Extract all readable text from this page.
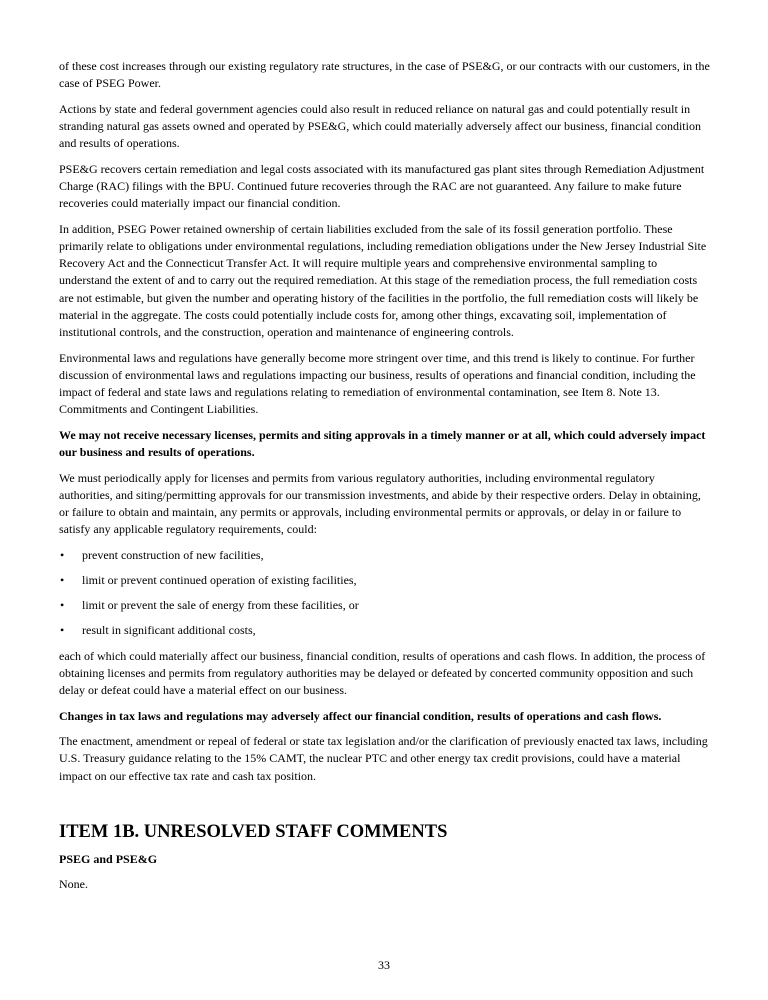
of these cost increases through our existing regulatory rate structures, in the case of PSE&G, or our contracts with our customers, in the case of PSEG Power.

Actions by state and federal government agencies could also result in reduced reliance on natural gas and could potentially result in stranding natural gas assets owned and operated by PSE&G, which could materially adversely affect our business, financial condition and results of operations.

PSE&G recovers certain remediation and legal costs associated with its manufactured gas plant sites through Remediation Adjustment Charge (RAC) filings with the BPU. Continued future recoveries through the RAC are not guaranteed. Any failure to make future recoveries could materially impact our financial condition.

In addition, PSEG Power retained ownership of certain liabilities excluded from the sale of its fossil generation portfolio. These primarily relate to obligations under environmental regulations, including remediation obligations under the New Jersey Industrial Site Recovery Act and the Connecticut Transfer Act. It will require multiple years and comprehensive environmental sampling to understand the extent of and to carry out the required remediation. At this stage of the remediation process, the full remediation costs are not estimable, but given the number and operating history of the facilities in the portfolio, the full remediation costs will likely be material in the aggregate. The costs could potentially include costs for, among other things, excavating soil, implementation of institutional controls, and the construction, operation and maintenance of engineering controls.

Environmental laws and regulations have generally become more stringent over time, and this trend is likely to continue. For further discussion of environmental laws and regulations impacting our business, results of operations and financial condition, including the impact of federal and state laws and regulations relating to remediation of environmental contamination, see Item 8. Note 13. Commitments and Contingent Liabilities.

We may not receive necessary licenses, permits and siting approvals in a timely manner or at all, which could adversely impact our business and results of operations.

We must periodically apply for licenses and permits from various regulatory authorities, including environmental regulatory authorities, and siting/permitting approvals for our transmission investments, and abide by their respective orders. Delay in obtaining, or failure to obtain and maintain, any permits or approvals, including environmental permits or approvals, or delay in or failure to satisfy any applicable regulatory requirements, could:

• prevent construction of new facilities,
• limit or prevent continued operation of existing facilities,
• limit or prevent the sale of energy from these facilities, or
• result in significant additional costs,

each of which could materially affect our business, financial condition, results of operations and cash flows. In addition, the process of obtaining licenses and permits from regulatory authorities may be delayed or defeated by concerted community opposition and such delay or defeat could have a material effect on our business.

Changes in tax laws and regulations may adversely affect our financial condition, results of operations and cash flows.

The enactment, amendment or repeal of federal or state tax legislation and/or the clarification of previously enacted tax laws, including U.S. Treasury guidance relating to the 15% CAMT, the nuclear PTC and other energy tax credit provisions, could have a material impact on our effective tax rate and cash tax position.

ITEM 1B. UNRESOLVED STAFF COMMENTS

PSEG and PSE&G

None.

33
